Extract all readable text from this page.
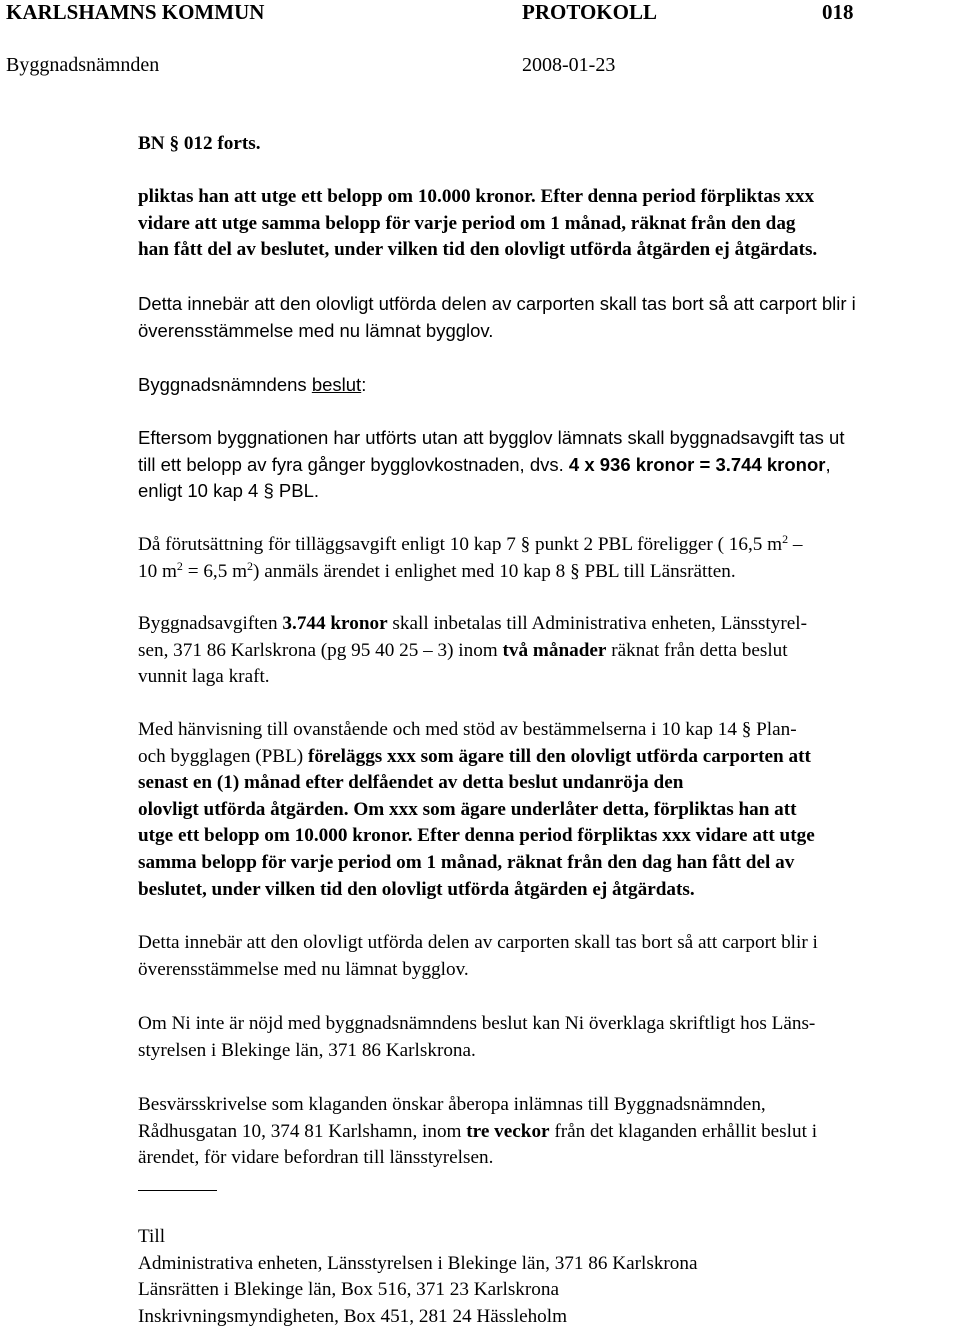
KARLSHAMNS KOMMUN	PROTOKOLL	018
Byggnadsnämnden	2008-01-23
BN § 012 forts.
pliktas han att utge ett belopp om 10.000 kronor. Efter denna period förpliktas xxx
vidare att utge samma belopp för varje period om 1 månad, räknat från den dag
han fått del av beslutet, under vilken tid den olovligt utförda åtgärden ej åtgärdats.
Detta innebär att den olovligt utförda delen av carporten skall tas bort så att carport blir i
överensstämmelse med nu lämnat bygglov.
Byggnadsnämndens beslut:
Eftersom byggnationen har utförts utan att bygglov lämnats skall byggnadsavgift tas ut
till ett belopp av fyra gånger bygglovkostnaden, dvs. 4 x 936 kronor = 3.744 kronor,
enligt 10 kap 4 § PBL.
Då förutsättning för tilläggsavgift enligt 10 kap 7 § punkt 2 PBL föreligger ( 16,5 $m^2$ –
10 $m^2 = 6,5$ $m^2$) anmäls ärendet i enlighet med 10 kap 8 § PBL till Länsrätten.
Byggnadsavgiften 3.744 kronor skall inbetalas till Administrativa enheten, Länsstyrel-
sen, 371 86 Karlskrona (pg 95 40 25 – 3) inom två månader räknat från detta beslut
vunnit laga kraft.
Med hänvisning till ovanstående och med stöd av bestämmelserna i 10 kap 14 § Plan-
och bygglagen (PBL) föreläggs xxx som ägare till den olovligt utförda carporten att
senast en (1) månad efter delfåendet av detta beslut undanröja den
olovligt utförda åtgärden. Om xxx som ägare underlåter detta, förpliktas han att
utge ett belopp om 10.000 kronor. Efter denna period förpliktas xxx vidare att utge
samma belopp för varje period om 1 månad, räknat från den dag han fått del av
beslutet, under vilken tid den olovligt utförda åtgärden ej åtgärdats.
Detta innebär att den olovligt utförda delen av carporten skall tas bort så att carport blir i
överensstämmelse med nu lämnat bygglov.
Om Ni inte är nöjd med byggnadsnämndens beslut kan Ni överklaga skriftligt hos Läns-
styrelsen i Blekinge län, 371 86 Karlskrona.
Besvärsskrivelse som klaganden önskar åberopa inlämnas till Byggnadsnämnden,
Rådhusgatan 10, 374 81 Karlshamn, inom tre veckor från det klaganden erhållit beslut i
ärendet, för vidare befordran till länsstyrelsen.
Till
Administrativa enheten, Länsstyrelsen i Blekinge län, 371 86 Karlskrona
Länsrätten i Blekinge län, Box 516, 371 23 Karlskrona
Inskrivningsmyndigheten, Box 451, 281 24 Hässleholm
